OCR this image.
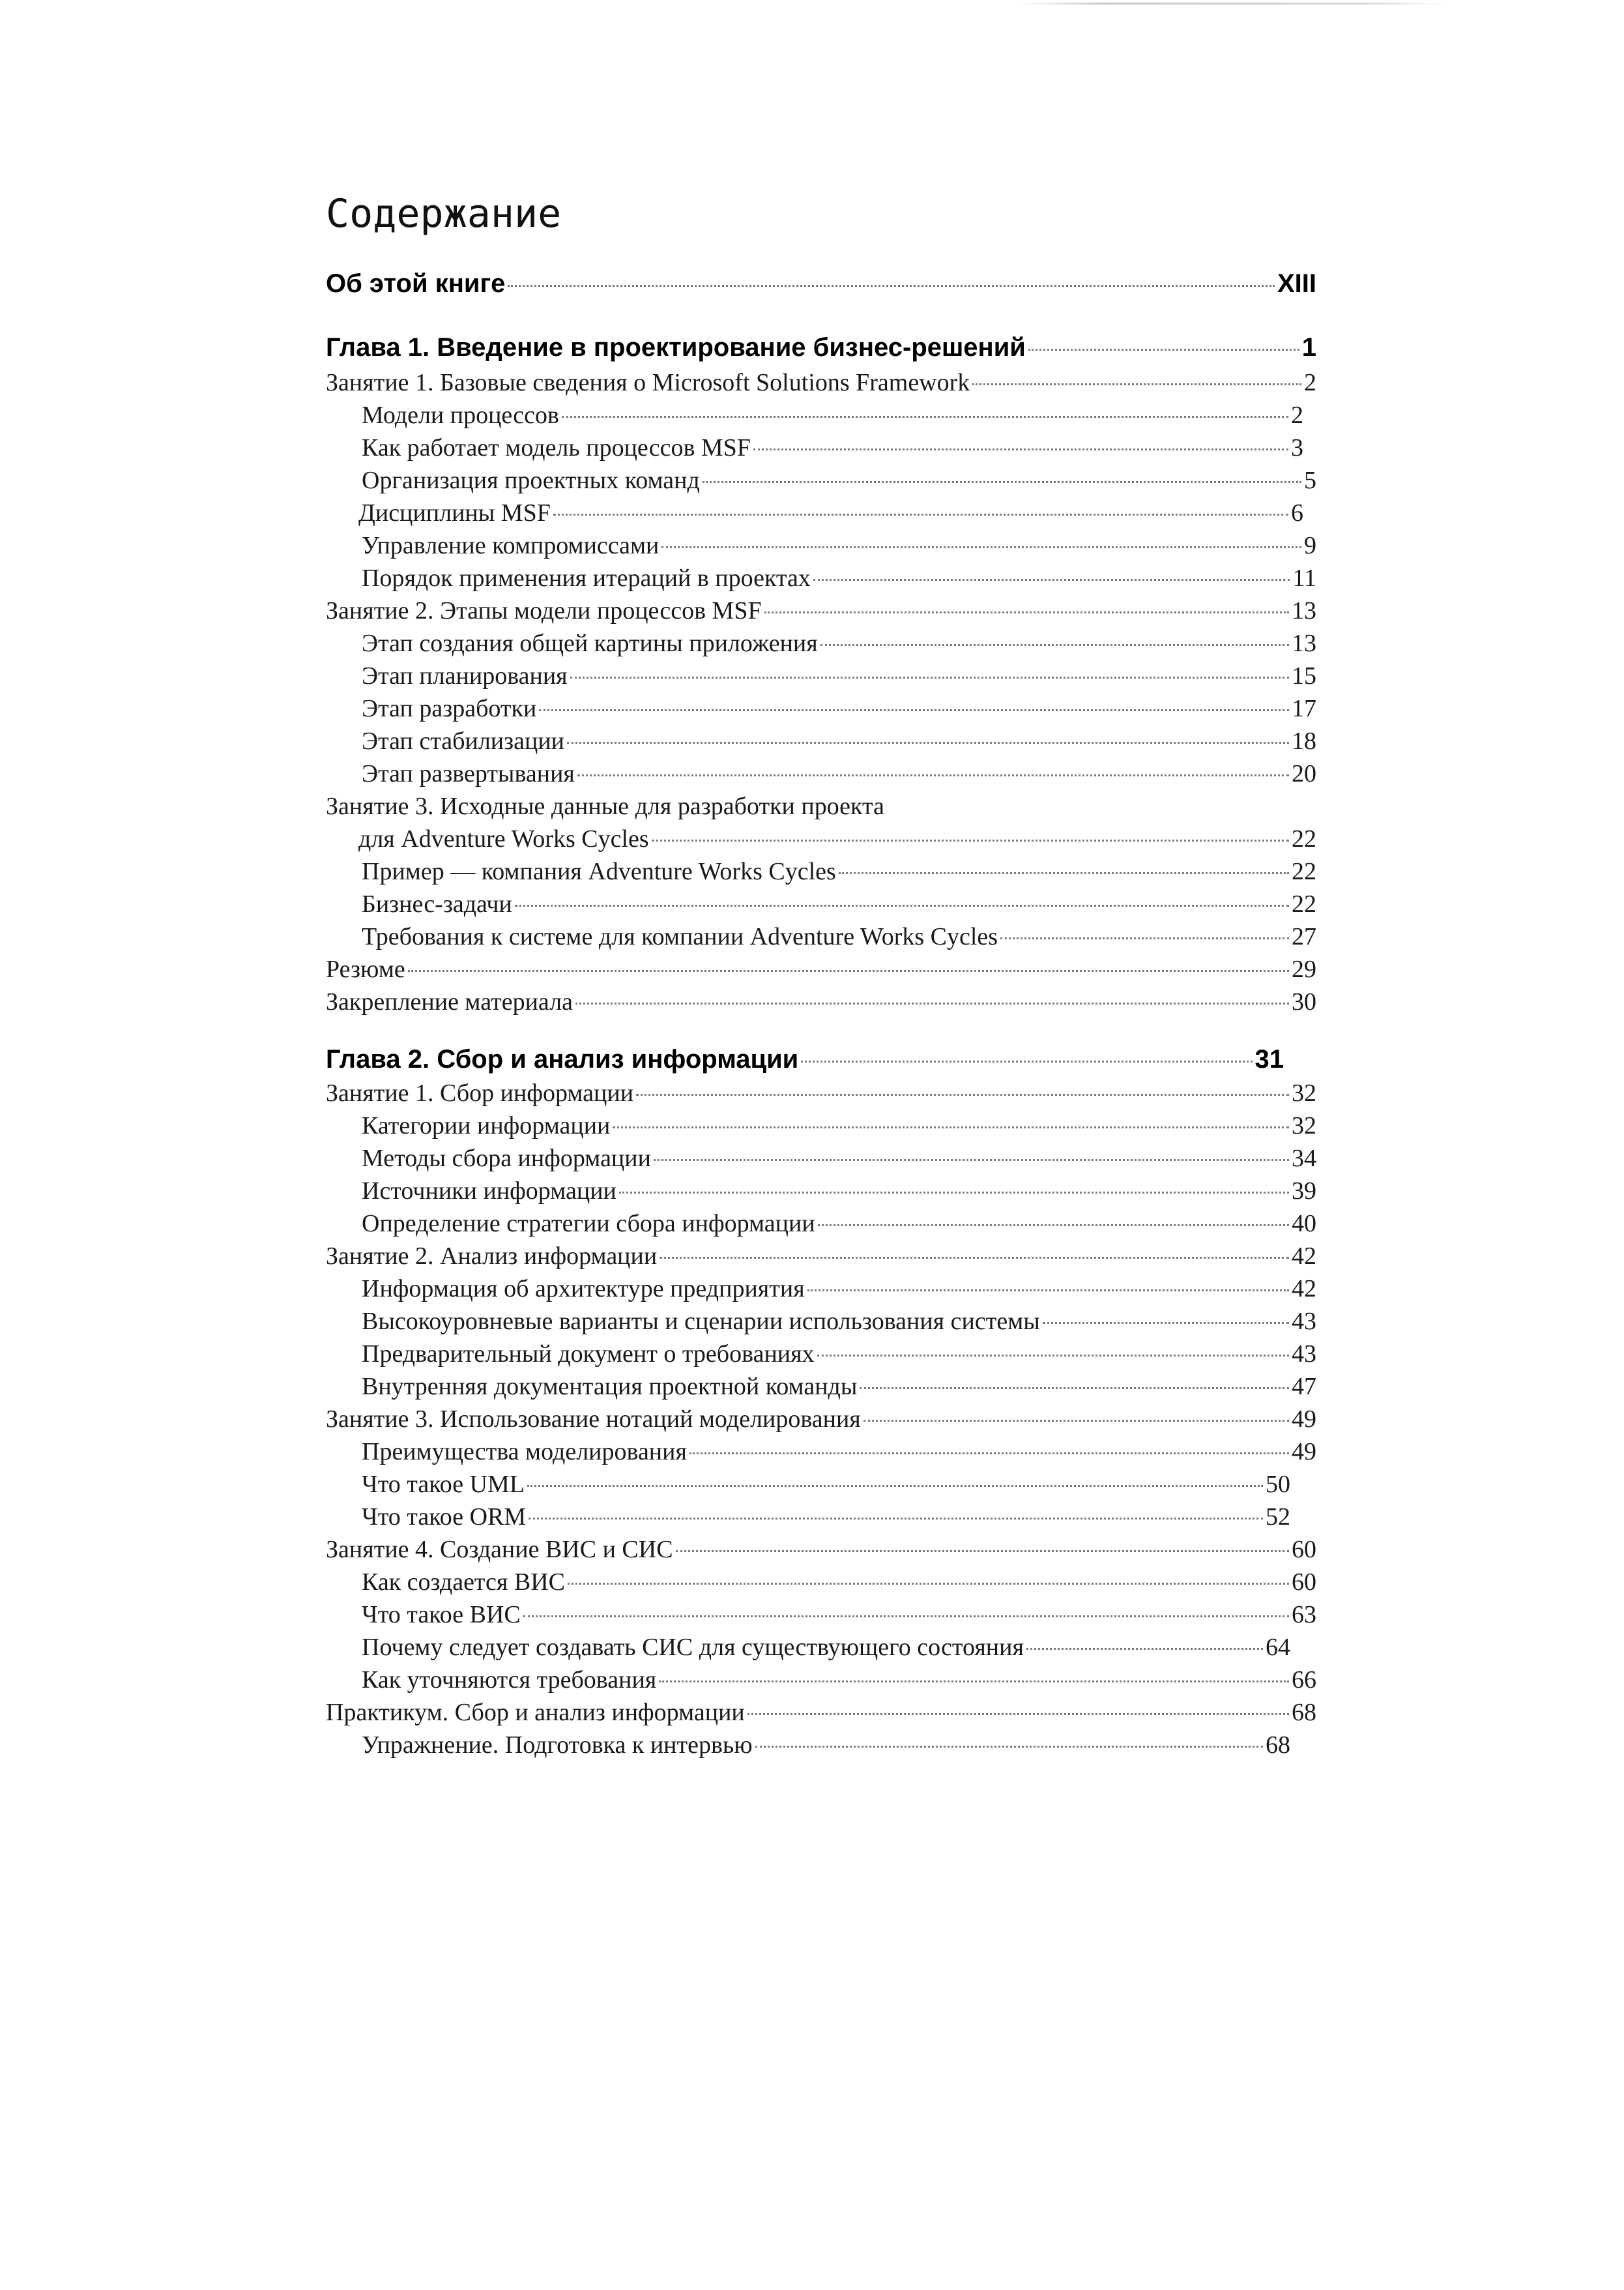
Содержание
Об этой книге	XIII
Глава 1. Введение в проектирование бизнес-решений	1
Занятие 1. Базовые сведения о Microsoft Solutions Framework	2
Модели процессов	2
Как работает модель процессов MSF	3
Организация проектных команд	5
Дисциплины MSF	6
Управление компромиссами	9
Порядок применения итераций в проектах	11
Занятие 2. Этапы модели процессов MSF	13
Этап создания общей картины приложения	13
Этап планирования	15
Этап разработки	17
Этап стабилизации	18
Этап развертывания	20
Занятие 3. Исходные данные для разработки проекта
для Adventure Works Cycles	22
Пример — компания Adventure Works Cycles	22
Бизнес-задачи	22
Требования к системе для компании Adventure Works Cycles	27
Резюме	29
Закрепление материала	30
Глава 2. Сбор и анализ информации	31
Занятие 1. Сбор информации	32
Категории информации	32
Методы сбора информации	34
Источники информации	39
Определение стратегии сбора информации	40
Занятие 2. Анализ информации	42
Информация об архитектуре предприятия	42
Высокоуровневые варианты и сценарии использования системы	43
Предварительный документ о требованиях	43
Внутренняя документация проектной команды	47
Занятие 3. Использование нотаций моделирования	49
Преимущества моделирования	49
Что такое UML	50
Что такое ORM	52
Занятие 4. Создание ВИС и СИС	60
Как создается ВИС	60
Что такое ВИС	63
Почему следует создавать СИС для существующего состояния	64
Как уточняются требования	66
Практикум. Сбор и анализ информации	68
Упражнение. Подготовка к интервью	68
